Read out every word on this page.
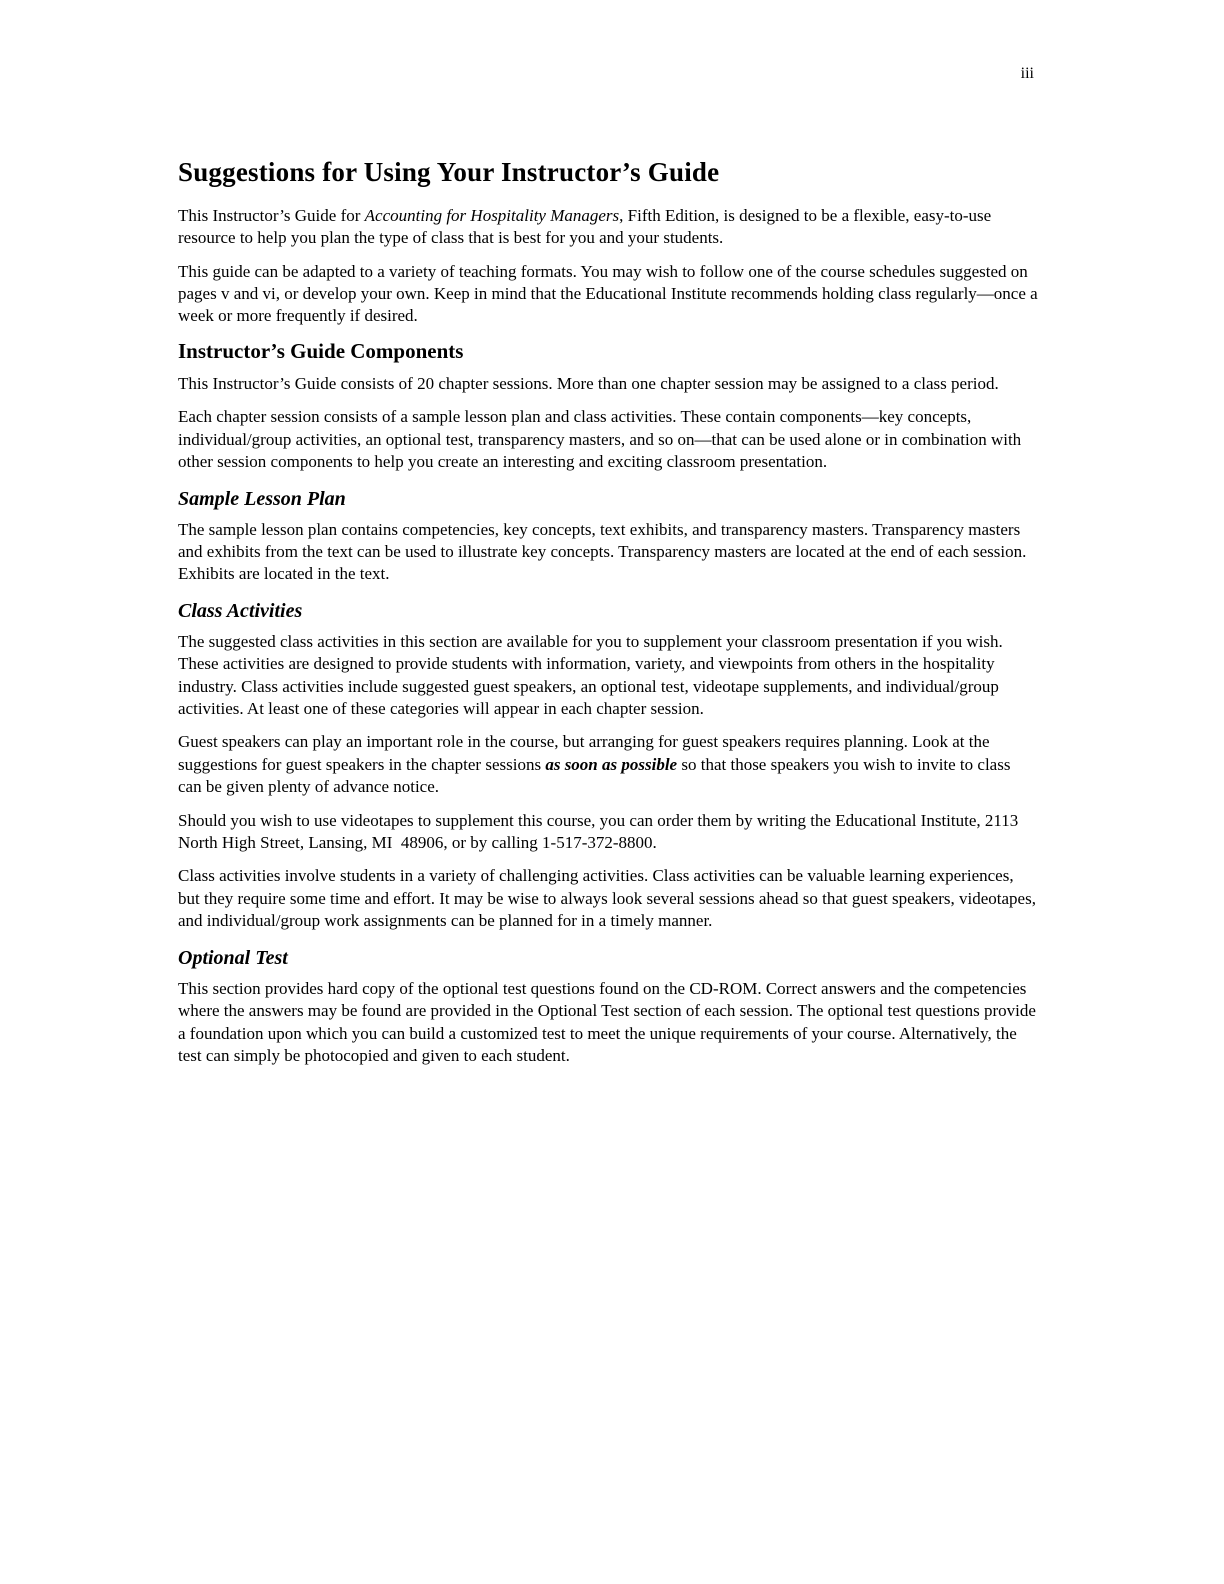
iii
Suggestions for Using Your Instructor’s Guide

This Instructor’s Guide for Accounting for Hospitality Managers, Fifth Edition, is designed to be a flexible, easy-to-use resource to help you plan the type of class that is best for you and your students.

This guide can be adapted to a variety of teaching formats. You may wish to follow one of the course schedules suggested on pages v and vi, or develop your own. Keep in mind that the Educational Institute recommends holding class regularly—once a week or more frequently if desired.

Instructor’s Guide Components

This Instructor’s Guide consists of 20 chapter sessions. More than one chapter session may be assigned to a class period.

Each chapter session consists of a sample lesson plan and class activities. These contain components—key concepts, individual/group activities, an optional test, transparency masters, and so on—that can be used alone or in combination with other session components to help you create an interesting and exciting classroom presentation.

Sample Lesson Plan

The sample lesson plan contains competencies, key concepts, text exhibits, and transparency masters. Transparency masters and exhibits from the text can be used to illustrate key concepts. Transparency masters are located at the end of each session. Exhibits are located in the text.

Class Activities

The suggested class activities in this section are available for you to supplement your classroom presentation if you wish. These activities are designed to provide students with information, variety, and viewpoints from others in the hospitality industry. Class activities include suggested guest speakers, an optional test, videotape supplements, and individual/group activities. At least one of these categories will appear in each chapter session.

Guest speakers can play an important role in the course, but arranging for guest speakers requires planning. Look at the suggestions for guest speakers in the chapter sessions as soon as possible so that those speakers you wish to invite to class can be given plenty of advance notice.

Should you wish to use videotapes to supplement this course, you can order them by writing the Educational Institute, 2113 North High Street, Lansing, MI  48906, or by calling 1-517-372-8800.

Class activities involve students in a variety of challenging activities. Class activities can be valuable learning experiences, but they require some time and effort. It may be wise to always look several sessions ahead so that guest speakers, videotapes, and individual/group work assignments can be planned for in a timely manner.

Optional Test

This section provides hard copy of the optional test questions found on the CD-ROM. Correct answers and the competencies where the answers may be found are provided in the Optional Test section of each session. The optional test questions provide a foundation upon which you can build a customized test to meet the unique requirements of your course. Alternatively, the test can simply be photocopied and given to each student.
